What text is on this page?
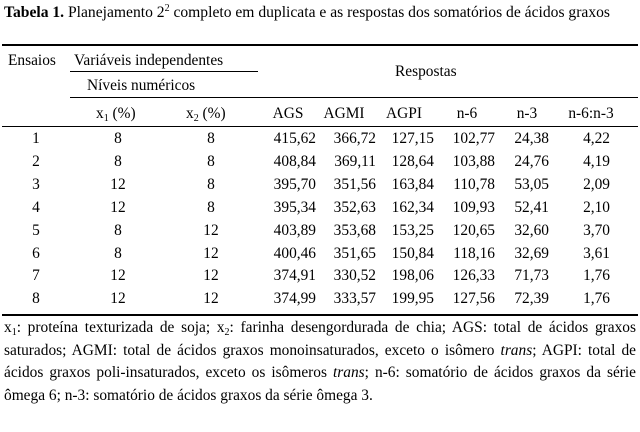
Tabela 1. Planejamento $2^2$ completo em duplicata e as respostas dos somatórios de ácidos graxos
Ensaios Variáveis independentes
Respostas
Níveis numéricos
$x_1$ (%)	$x_2$ (%)	AGS	AGMI	AGPI	n-6	n-3	n-6:n-3
1	8	8	415,62	366,72	127,15	102,77	24,38	4,22
2	8	8	408,84	369,11	128,64	103,88	24,76	4,19
3	12	8	395,70	351,56	163,84	110,78	53,05	2,09
4	12	8	395,34	352,63	162,34	109,93	52,41	2,10
5	8	12	403,89	353,68	153,25	120,65	32,60	3,70
6	8	12	400,46	351,65	150,84	118,16	32,69	3,61
7	12	12	374,91	330,52	198,06	126,33	71,73	1,76
8	12	12	374,99	333,57	199,95	127,56	72,39	1,76
$x_1$: proteína texturizada de soja; $x_2$: farinha desengordurada de chia; AGS: total de ácidos graxos saturados; AGMI: total de ácidos graxos monoinsaturados, exceto o isômero trans; AGPI: total de ácidos graxos poli-insaturados, exceto os isômeros trans; n-6: somatório de ácidos graxos da série ômega 6; n-3: somatório de ácidos graxos da série ômega 3.
